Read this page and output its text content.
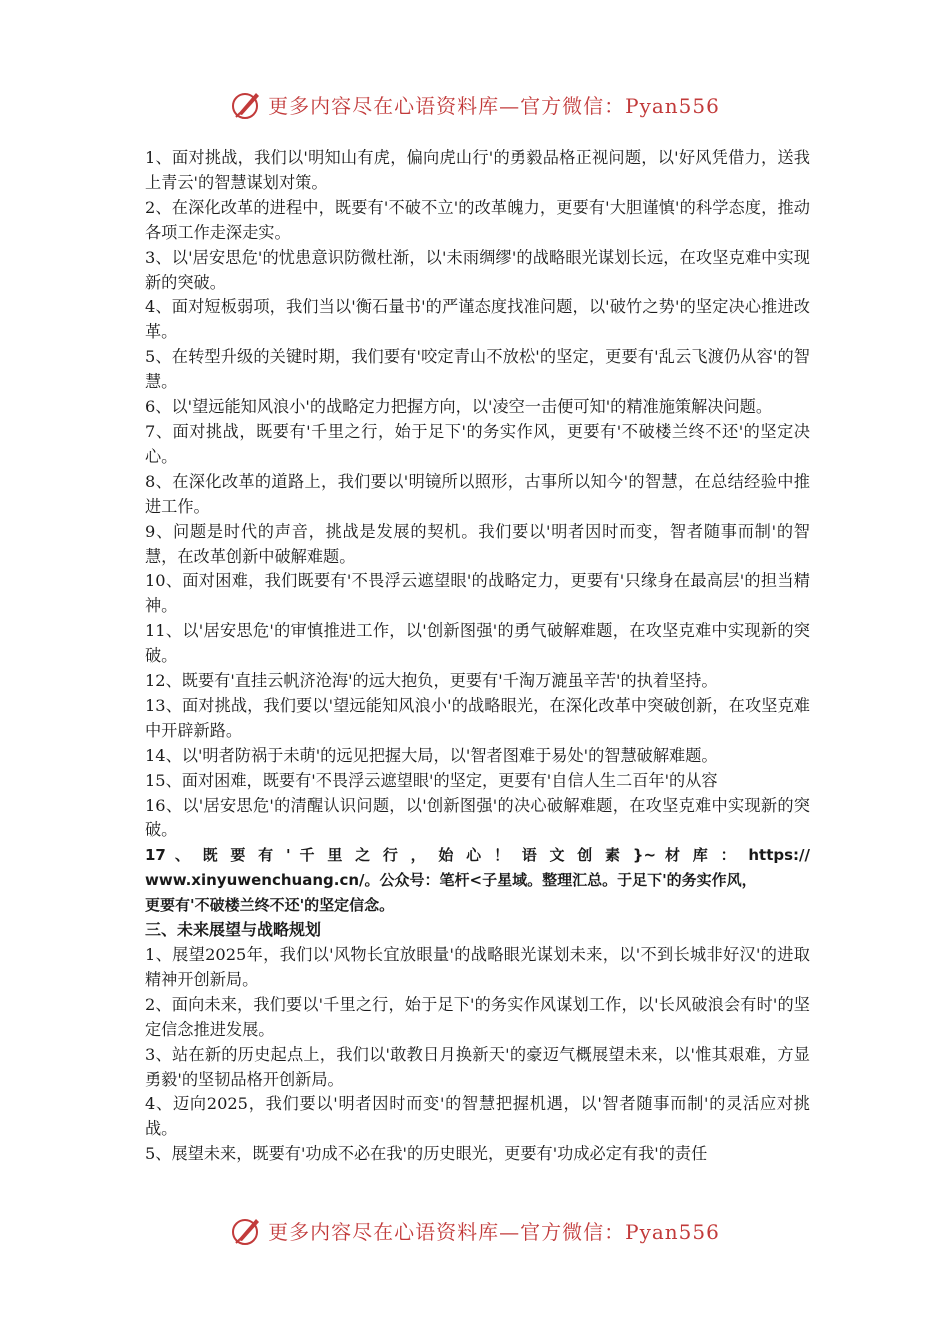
更多内容尽在心语资料库—官方微信：Pyan556

1、面对挑战，我们以'明知山有虎，偏向虎山行'的勇毅品格正视问题，以'好风凭借力，送我上青云'的智慧谋划对策。

2、在深化改革的进程中，既要有'不破不立'的改革魄力，更要有'大胆谨慎'的科学态度，推动各项工作走深走实。

3、以'居安思危'的忧患意识防微杜渐，以'未雨绸缪'的战略眼光谋划长远，在攻坚克难中实现新的突破。

4、面对短板弱项，我们当以'衡石量书'的严谨态度找准问题，以'破竹之势'的坚定决心推进改革。

5、在转型升级的关键时期，我们要有'咬定青山不放松'的坚定，更要有'乱云飞渡仍从容'的智慧。

6、以'望远能知风浪小'的战略定力把握方向，以'凌空一击便可知'的精准施策解决问题。

7、面对挑战，既要有'千里之行，始于足下'的务实作风，更要有'不破楼兰终不还'的坚定决心。

8、在深化改革的道路上，我们要以'明镜所以照形，古事所以知今'的智慧，在总结经验中推进工作。

9、问题是时代的声音，挑战是发展的契机。我们要以'明者因时而变，智者随事而制'的智慧，在改革创新中破解难题。

10、面对困难，我们既要有'不畏浮云遮望眼'的战略定力，更要有'只缘身在最高层'的担当精神。

11、以'居安思危'的审慎推进工作，以'创新图强'的勇气破解难题，在攻坚克难中实现新的突破。

12、既要有'直挂云帆济沧海'的远大抱负，更要有'千淘万漉虽辛苦'的执着坚持。

13、面对挑战，我们要以'望远能知风浪小'的战略眼光，在深化改革中突破创新，在攻坚克难中开辟新路。

14、以'明者防祸于未萌'的远见把握大局，以'智者图难于易处'的智慧破解难题。

15、面对困难，既要有'不畏浮云遮望眼'的坚定，更要有'自信人生二百年'的从容

16、以'居安思危'的清醒认识问题，以'创新图强'的决心破解难题，在攻坚克难中实现新的突破。

17 、 既 要 有 ' 千 里 之 行 ， 始 心 ！ 语 文 创 素 }~ 材 库 ： https://

www.xinyuwenchuang.cn/。公众号：笔杆<子星域。整理汇总。于足下'的务实作风，

更要有'不破楼兰终不还'的坚定信念。

三、未来展望与战略规划

1、展望2025年，我们以'风物长宜放眼量'的战略眼光谋划未来，以'不到长城非好汉'的进取精神开创新局。

2、面向未来，我们要以'千里之行，始于足下'的务实作风谋划工作，以'长风破浪会有时'的坚定信念推进发展。

3、站在新的历史起点上，我们以'敢教日月换新天'的豪迈气概展望未来，以'惟其艰难，方显勇毅'的坚韧品格开创新局。

4、迈向2025，我们要以'明者因时而变'的智慧把握机遇，以'智者随事而制'的灵活应对挑战。

5、展望未来，既要有'功成不必在我'的历史眼光，更要有'功成必定有我'的责任

更多内容尽在心语资料库—官方微信：Pyan556
